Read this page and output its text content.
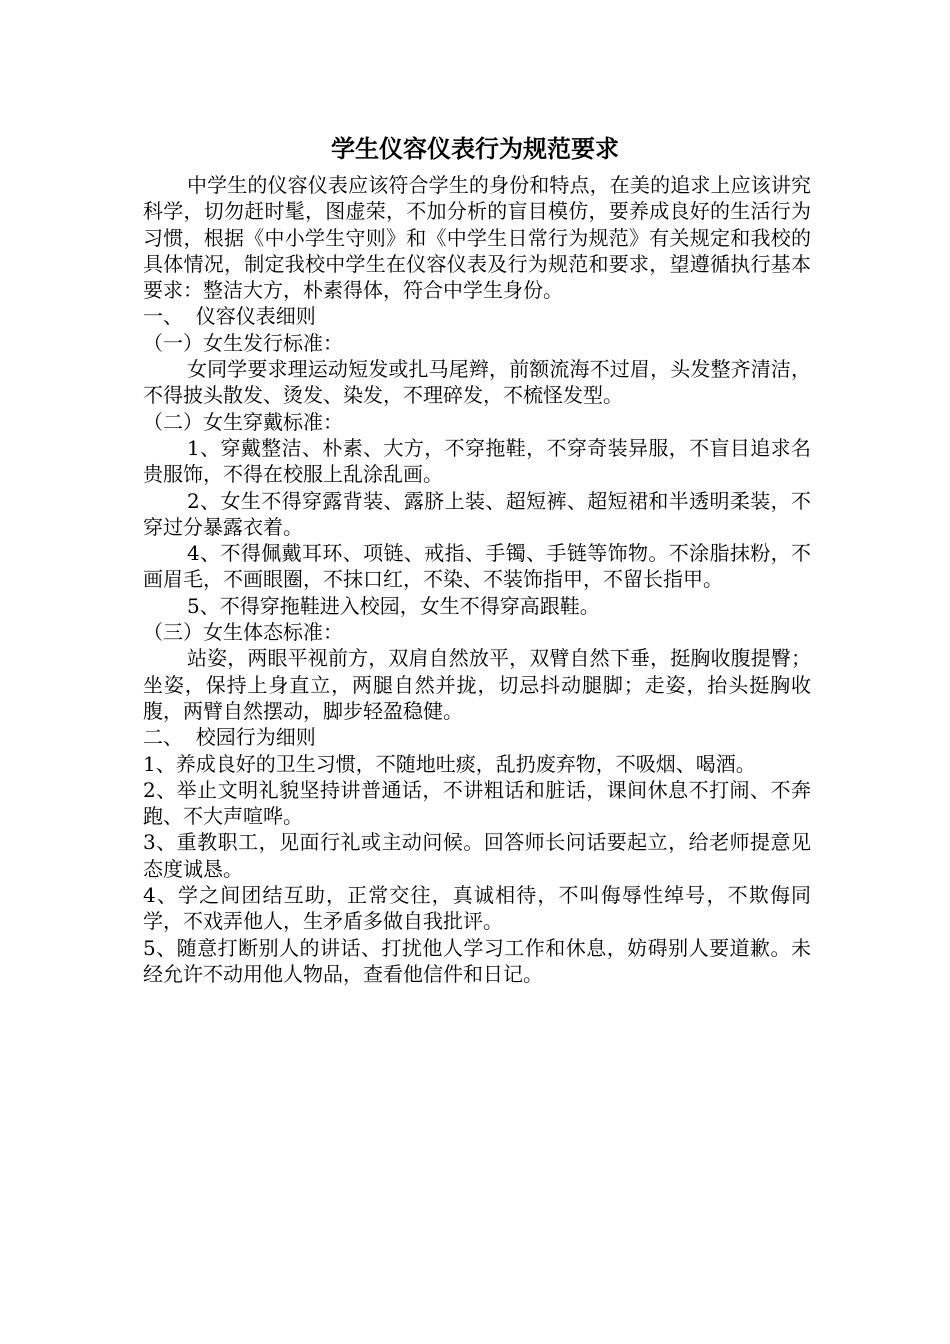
学生仪容仪表行为规范要求

中学生的仪容仪表应该符合学生的身份和特点，在美的追求上应该讲究科学，切勿赶时髦，图虚荣，不加分析的盲目模仿，要养成良好的生活行为习惯，根据《中小学生守则》和《中学生日常行为规范》有关规定和我校的具体情况，制定我校中学生在仪容仪表及行为规范和要求，望遵循执行基本要求：整洁大方，朴素得体，符合中学生身份。

一、  仪容仪表细则

（一）女生发行标准：

女同学要求理运动短发或扎马尾辫，前额流海不过眉，头发整齐清洁，不得披头散发、烫发、染发，不理碎发，不梳怪发型。

（二）女生穿戴标准：

1、穿戴整洁、朴素、大方，不穿拖鞋，不穿奇装异服，不盲目追求名贵服饰，不得在校服上乱涂乱画。

2、女生不得穿露背装、露脐上装、超短裤、超短裙和半透明柔装，不穿过分暴露衣着。

4、不得佩戴耳环、项链、戒指、手镯、手链等饰物。不涂脂抹粉，不画眉毛，不画眼圈，不抹口红，不染、不装饰指甲，不留长指甲。

5、不得穿拖鞋进入校园，女生不得穿高跟鞋。

（三）女生体态标准：

站姿，两眼平视前方，双肩自然放平，双臂自然下垂，挺胸收腹提臀；坐姿，保持上身直立，两腿自然并拢，切忌抖动腿脚；走姿，抬头挺胸收腹，两臂自然摆动，脚步轻盈稳健。

二、  校园行为细则

1、养成良好的卫生习惯，不随地吐痰，乱扔废弃物，不吸烟、喝酒。

2、举止文明礼貌坚持讲普通话，不讲粗话和脏话，课间休息不打闹、不奔跑、不大声喧哗。

3、重教职工，见面行礼或主动问候。回答师长问话要起立，给老师提意见态度诚恳。

4、学之间团结互助，正常交往，真诚相待，不叫侮辱性绰号，不欺侮同学，不戏弄他人，生矛盾多做自我批评。

5、随意打断别人的讲话、打扰他人学习工作和休息，妨碍别人要道歉。未经允许不动用他人物品，查看他信件和日记。
